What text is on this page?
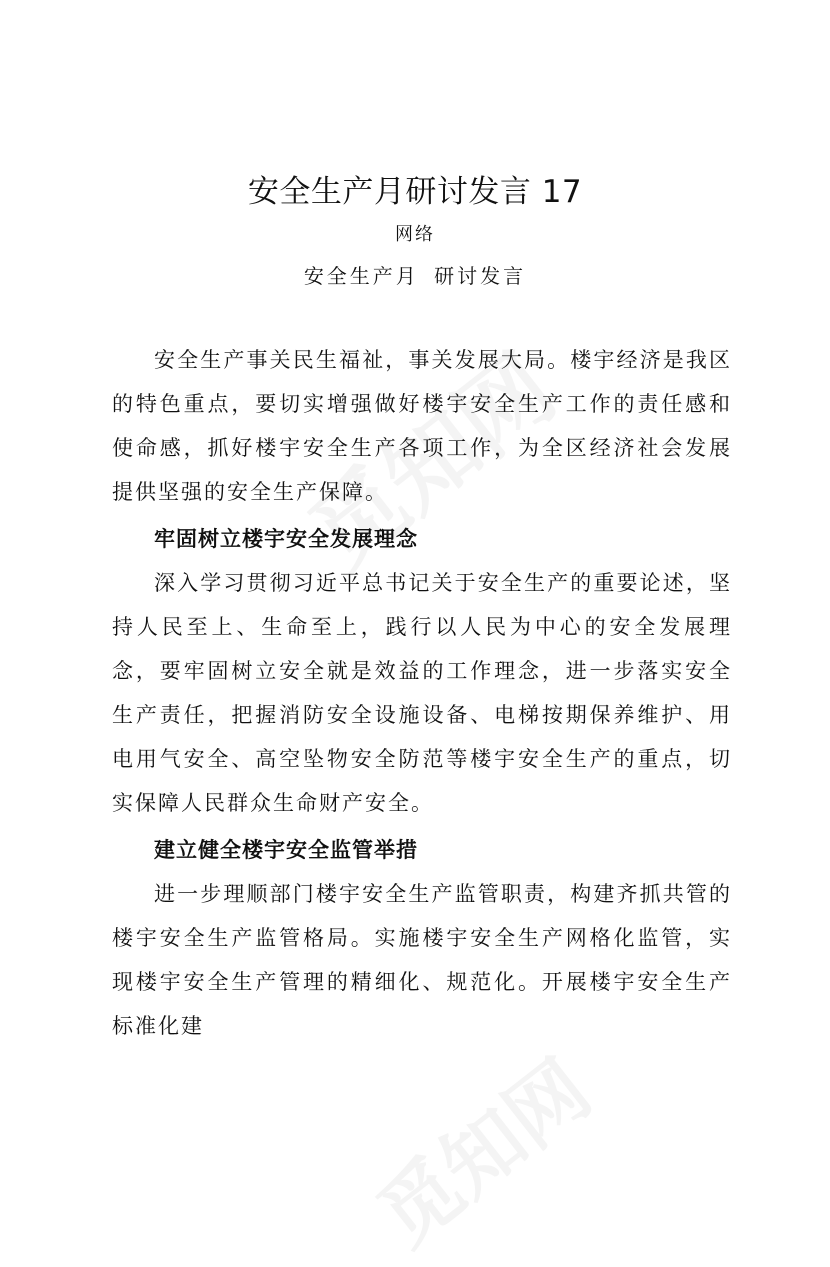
安全生产月研讨发言 17
网络
安全生产月 研讨发言

安全生产事关民生福祉，事关发展大局。楼宇经济是我区的特色重点，要切实增强做好楼宇安全生产工作的责任感和使命感，抓好楼宇安全生产各项工作，为全区经济社会发展提供坚强的安全生产保障。

牢固树立楼宇安全发展理念

深入学习贯彻习近平总书记关于安全生产的重要论述，坚持人民至上、生命至上，践行以人民为中心的安全发展理念，要牢固树立安全就是效益的工作理念，进一步落实安全生产责任，把握消防安全设施设备、电梯按期保养维护、用电用气安全、高空坠物安全防范等楼宇安全生产的重点，切实保障人民群众生命财产安全。

建立健全楼宇安全监管举措

进一步理顺部门楼宇安全生产监管职责，构建齐抓共管的楼宇安全生产监管格局。实施楼宇安全生产网格化监管，实现楼宇安全生产管理的精细化、规范化。开展楼宇安全生产标准化建
